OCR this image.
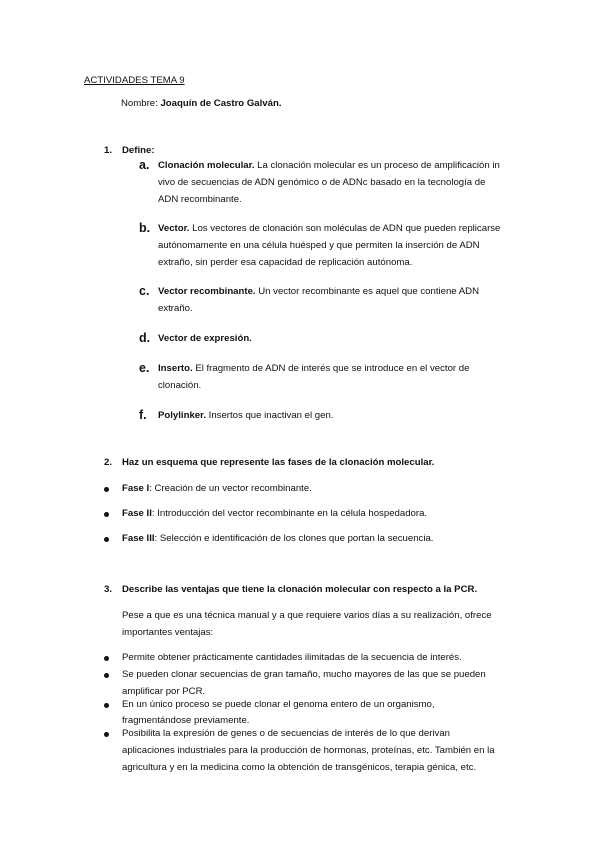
ACTIVIDADES TEMA 9
Nombre: Joaquín de Castro Galván.
1. Define:
a. Clonación molecular. La clonación molecular es un proceso de amplificación in
vivo de secuencias de ADN genómico o de ADNc basado en la tecnología de
ADN recombinante.
b. Vector. Los vectores de clonación son moléculas de ADN que pueden replicarse
autónomamente en una célula huésped y que permiten la inserción de ADN
extraño, sin perder esa capacidad de replicación autónoma.
c. Vector recombinante. Un vector recombinante es aquel que contiene ADN
extraño.
d. Vector de expresión.
e. Inserto. El fragmento de ADN de interés que se introduce en el vector de
clonación.
f. Polylinker. Insertos que inactivan el gen.
2. Haz un esquema que represente las fases de la clonación molecular.
Fase I: Creación de un vector recombinante.
Fase II: Introducción del vector recombinante en la célula hospedadora.
Fase III: Selección e identificación de los clones que portan la secuencia.
3. Describe las ventajas que tiene la clonación molecular con respecto a la PCR.
Pese a que es una técnica manual y a que requiere varios días a su realización, ofrece
importantes ventajas:
Permite obtener prácticamente cantidades ilimitadas de la secuencia de interés.
Se pueden clonar secuencias de gran tamaño, mucho mayores de las que se pueden
amplificar por PCR.
En un único proceso se puede clonar el genoma entero de un organismo,
fragmentándose previamente.
Posibilita la expresión de genes o de secuencias de interés de lo que derivan
aplicaciones industriales para la producción de hormonas, proteínas, etc. También en la
agricultura y en la medicina como la obtención de transgénicos, terapia génica, etc.
